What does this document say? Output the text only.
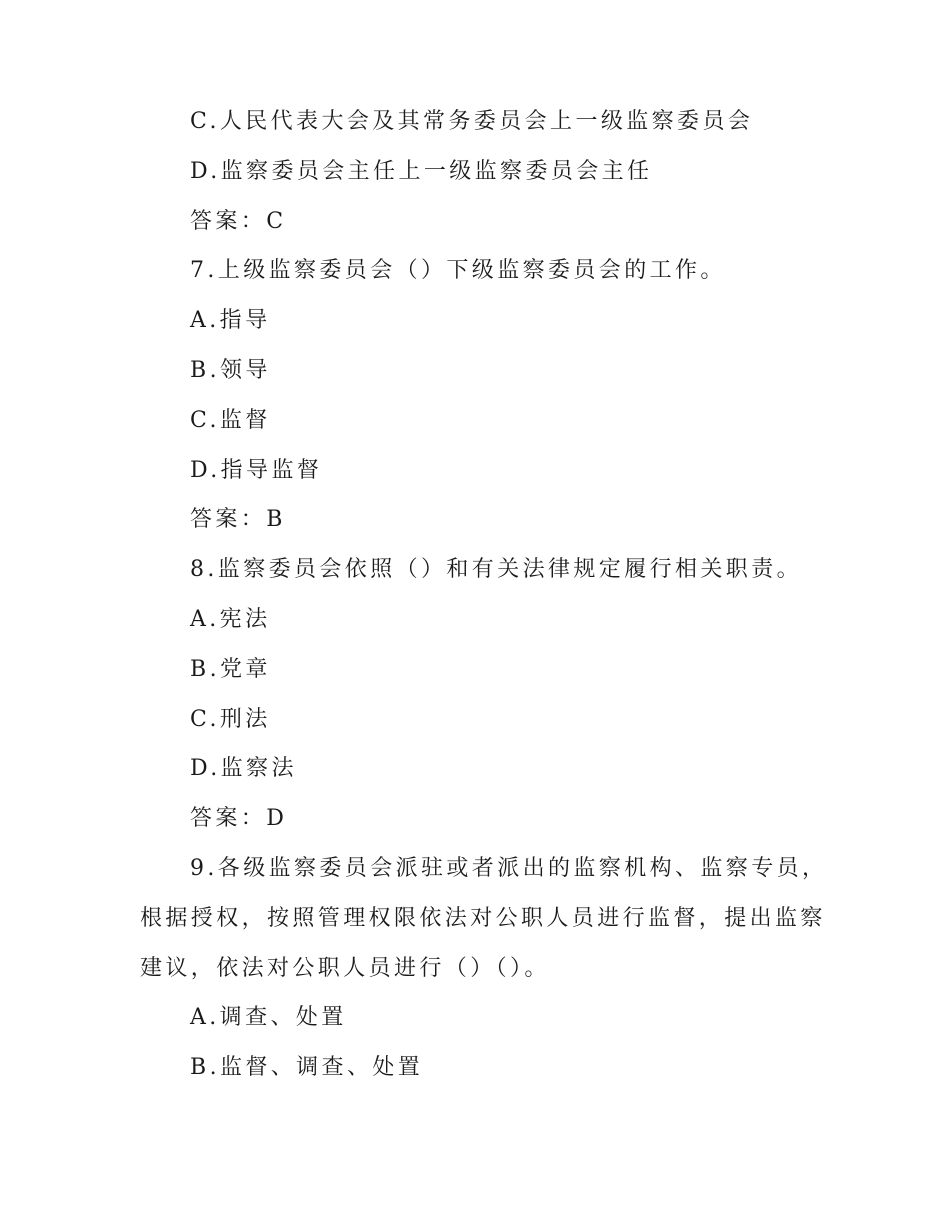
C.人民代表大会及其常务委员会上一级监察委员会
D.监察委员会主任上一级监察委员会主任
答案：C
7.上级监察委员会（）下级监察委员会的工作。
A.指导
B.领导
C.监督
D.指导监督
答案：B
8.监察委员会依照（）和有关法律规定履行相关职责。
A.宪法
B.党章
C.刑法
D.监察法
答案：D
9.各级监察委员会派驻或者派出的监察机构、监察专员，
根据授权，按照管理权限依法对公职人员进行监督，提出监察
建议，依法对公职人员进行（）（）。
A.调查、处置
B.监督、调查、处置
